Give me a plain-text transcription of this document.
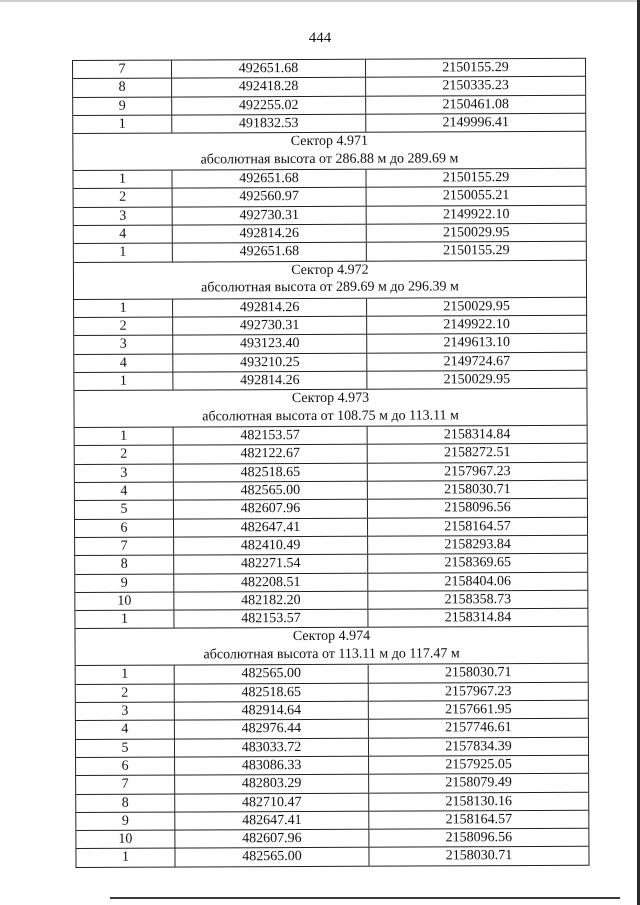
444
7	492651.68	2150155.29
8	492418.28	2150335.23
9	492255.02	2150461.08
1	491832.53	2149996.41
Сектор 4.971
абсолютная высота от 286.88 м до 289.69 м
1	492651.68	2150155.29
2	492560.97	2150055.21
3	492730.31	2149922.10
4	492814.26	2150029.95
1	492651.68	2150155.29
Сектор 4.972
абсолютная высота от 289.69 м до 296.39 м
1	492814.26	2150029.95
2	492730.31	2149922.10
3	493123.40	2149613.10
4	493210.25	2149724.67
1	492814.26	2150029.95
Сектор 4.973
абсолютная высота от 108.75 м до 113.11 м
1	482153.57	2158314.84
2	482122.67	2158272.51
3	482518.65	2157967.23
4	482565.00	2158030.71
5	482607.96	2158096.56
6	482647.41	2158164.57
7	482410.49	2158293.84
8	482271.54	2158369.65
9	482208.51	2158404.06
10	482182.20	2158358.73
1	482153.57	2158314.84
Сектор 4.974
абсолютная высота от 113.11 м до 117.47 м
1	482565.00	2158030.71
2	482518.65	2157967.23
3	482914.64	2157661.95
4	482976.44	2157746.61
5	483033.72	2157834.39
6	483086.33	2157925.05
7	482803.29	2158079.49
8	482710.47	2158130.16
9	482647.41	2158164.57
10	482607.96	2158096.56
1	482565.00	2158030.71
